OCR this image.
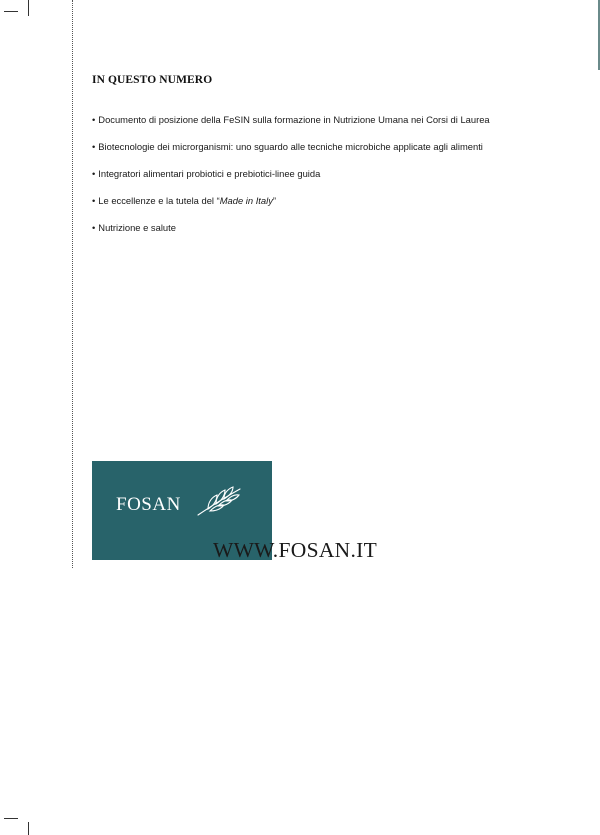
IN QUESTO NUMERO
• Documento di posizione della FeSIN sulla formazione in Nutrizione Umana nei Corsi di Laurea
• Biotecnologie dei microrganismi: uno sguardo alle tecniche microbiche applicate agli alimenti
• Integratori alimentari probiotici e prebiotici-linee guida
• Le eccellenze e la tutela del “Made in Italy”
• Nutrizione e salute
FOSAN
WWW.FOSAN.IT
